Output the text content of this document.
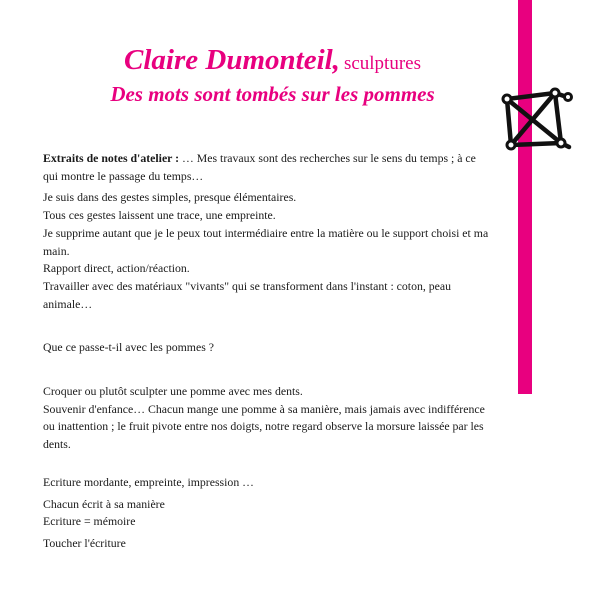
Claire Dumonteil, sculptures
Des mots sont tombés sur les pommes

Extraits de notes d'atelier : … Mes travaux sont des recherches sur le sens du temps ; à ce qui montre le passage du temps…

Je suis dans des gestes simples, presque élémentaires.

Tous ces gestes laissent une trace, une empreinte.

Je supprime autant que je le peux tout intermédiaire entre la matière ou le support choisi et ma main.

Rapport direct, action/réaction.

Travailler avec des matériaux "vivants" qui se transforment dans l'instant : coton, peau animale…

Que ce passe-t-il avec les pommes ?

Croquer ou plutôt sculpter une pomme avec mes dents.

Souvenir d'enfance… Chacun mange une pomme à sa manière, mais jamais avec indifférence ou inattention ; le fruit pivote entre nos doigts, notre regard observe la morsure laissée par les dents.

Ecriture mordante, empreinte, impression …

Chacun écrit à sa manière

Ecriture = mémoire

Toucher l'écriture
